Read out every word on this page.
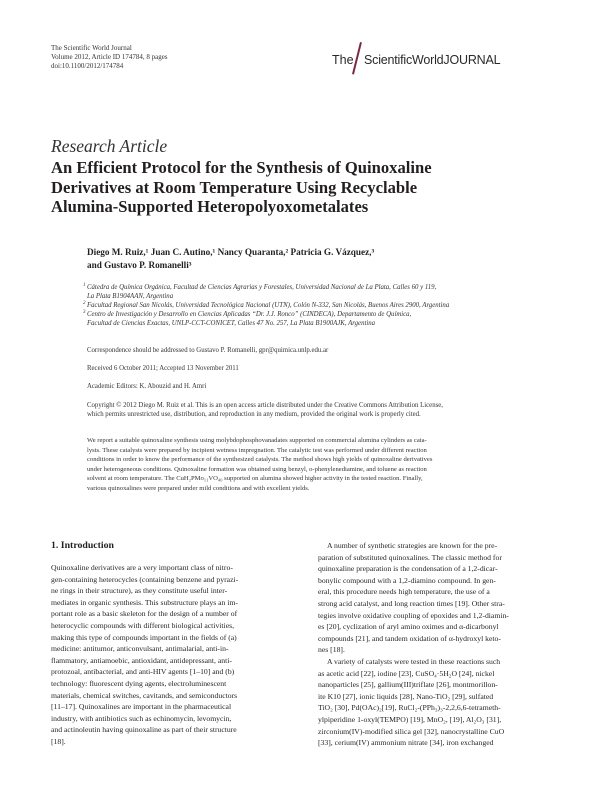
The Scientific World Journal
Volume 2012, Article ID 174784, 8 pages
doi:10.1100/2012/174784	The ScientificWorldJOURNAL
Research Article
An Efficient Protocol for the Synthesis of Quinoxaline
Derivatives at Room Temperature Using Recyclable
Alumina-Supported Heteropolyoxometalates
Diego M. Ruiz,¹ Juan C. Autino,¹ Nancy Quaranta,² Patricia G. Vázquez,³
and Gustavo P. Romanelli³
1 Cátedra de Química Orgánica, Facultad de Ciencias Agrarias y Forestales, Universidad Nacional de La Plata, Calles 60 y 119,
La Plata B1904AAN, Argentina
2 Facultad Regional San Nicolás, Universidad Tecnológica Nacional (UTN), Colón N-332, San Nicolás, Buenos Aires 2900, Argentina
3 Centro de Investigación y Desarrollo en Ciencias Aplicadas “Dr. J.J. Ronco” (CINDECA), Departamento de Química,
Facultad de Ciencias Exactas, UNLP-CCT-CONICET, Calles 47 No. 257, La Plata B1900AJK, Argentina
Correspondence should be addressed to Gustavo P. Romanelli, gpr@quimica.unlp.edu.ar
Received 6 October 2011; Accepted 13 November 2011
Academic Editors: K. Abouzid and H. Amri
Copyright © 2012 Diego M. Ruiz et al. This is an open access article distributed under the Creative Commons Attribution License,
which permits unrestricted use, distribution, and reproduction in any medium, provided the original work is properly cited.
We report a suitable quinoxaline synthesis using molybdophosphovanadates supported on commercial alumina cylinders as cata-
lysts. These catalysts were prepared by incipient wetness impregnation. The catalytic test was performed under different reaction
conditions in order to know the performance of the synthesized catalysts. The method shows high yields of quinoxaline derivatives
under heterogeneous conditions. Quinoxaline formation was obtained using benzyl, o-phenylenediamine, and toluene as reaction
solvent at room temperature. The CuH₂PMo₁₁VO₄₀ supported on alumina showed higher activity in the tested reaction. Finally,
various quinoxalines were prepared under mild conditions and with excellent yields.
1. Introduction
Quinoxaline derivatives are a very important class of nitro-
gen-containing heterocycles (containing benzene and pyrazi-
ne rings in their structure), as they constitute useful inter-
mediates in organic synthesis. This substructure plays an im-
portant role as a basic skeleton for the design of a number of
heterocyclic compounds with different biological activities,
making this type of compounds important in the fields of (a)
medicine: antitumor, anticonvulsant, antimalarial, anti-in-
flammatory, antiamoebic, antioxidant, antidepressant, anti-
protozoal, antibacterial, and anti-HIV agents [1–10] and (b)
technology: fluorescent dying agents, electroluminescent
materials, chemical switches, cavitands, and semiconductors
[11–17]. Quinoxalines are important in the pharmaceutical
industry, with antibiotics such as echinomycin, levomycin,
and actinoleutin having quinoxaline as part of their structure
[18].
A number of synthetic strategies are known for the pre-
paration of substituted quinoxalines. The classic method for
quinoxaline preparation is the condensation of a 1,2-dicar-
bonylic compound with a 1,2-diamino compound. In gen-
eral, this procedure needs high temperature, the use of a
strong acid catalyst, and long reaction times [19]. Other stra-
tegies involve oxidative coupling of epoxides and 1,2-diamin-
es [20], cyclization of aryl amino oximes and α-dicarbonyl
compounds [21], and tandem oxidation of α-hydroxyl keto-
nes [18].
A variety of catalysts were tested in these reactions such
as acetic acid [22], iodine [23], CuSO₄·5H₂O [24], nickel
nanoparticles [25], gallium(III)triflate [26], montmorillon-
ite K10 [27], ionic liquids [28], Nano-TiO₂ [29], sulfated
TiO₂ [30], Pd(OAc)₂[19], RuCl₂-(PPh₃)₃-2,2,6,6-tetrameth-
ylpiperidine 1-oxyl(TEMPO) [19], MnO₂, [19], Al₂O₃ [31],
zirconium(IV)-modified silica gel [32], nanocrystalline CuO
[33], cerium(IV) ammonium nitrate [34], iron exchanged
